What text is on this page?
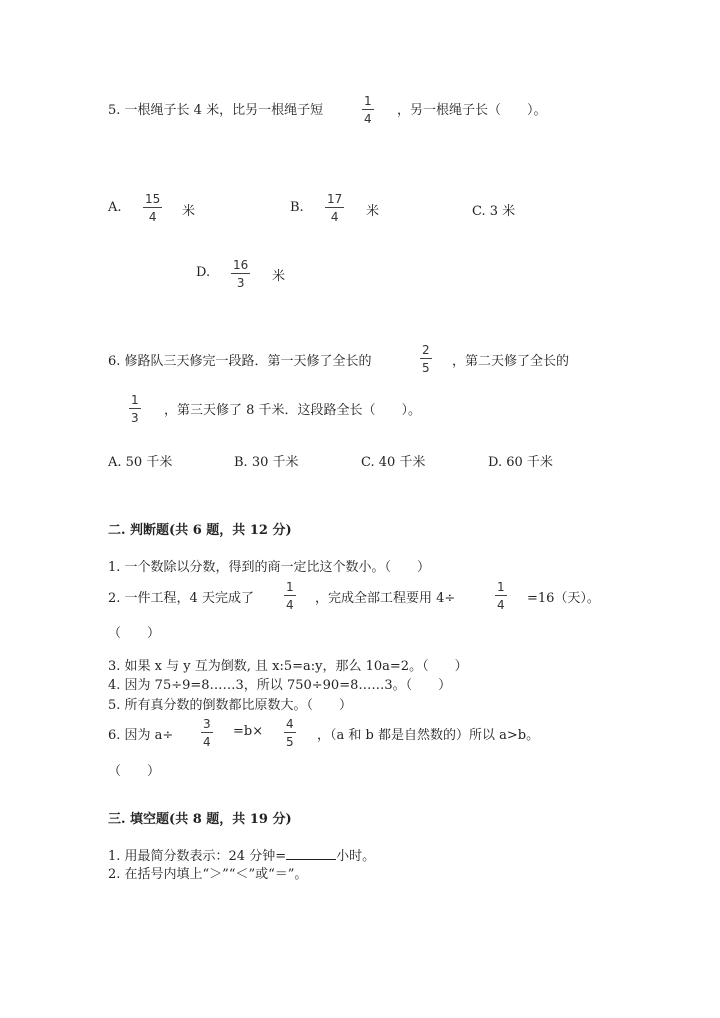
5. 一根绳子长 4 米，比另一根绳子短
1
4
，另一根绳子长（　　）。
A.
15
4 米	B.
17
4 米	C. 3 米
D. 16
3 米
6. 修路队三天修完一段路．第一天修了全长的
2
5 ，第二天修了全长的
1
3 ，第三天修了 8 千米．这段路全长（　　）。
A. 50 千米	B. 30 千米	C. 40 千米	D. 60 千米
二. 判断题(共 6 题，共 12 分)
1. 一个数除以分数，得到的商一定比这个数小。（　　）
2. 一件工程，4 天完成了
1
4 ，完成全部工程要用 4÷
1
4 =16（天）。
（　　）
3. 如果 x 与 y 互为倒数, 且 x:5=a:y，那么 10a=2。（　　）
4. 因为 75÷9=8……3，所以 750÷90=8……3。（　　）
5. 所有真分数的倒数都比原数大。（　　）
6. 因为 a÷
3
4
=b× 4
5 ，（a 和 b 都是自然数的）所以 a>b。
（　　）
三. 填空题(共 8 题，共 19 分)
1. 用最简分数表示：24 分钟=	小时。
2. 在括号内填上“＞”“＜”或“＝”。
